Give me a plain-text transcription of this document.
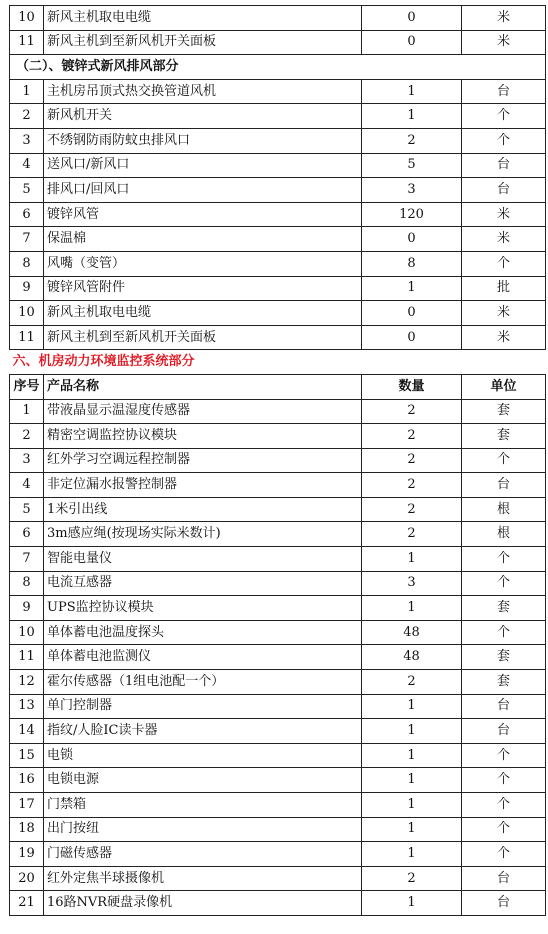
10	新风主机取电电缆	0	米
11	新风主机到至新风机开关面板	0	米
（二）、镀锌式新风排风部分			
1	主机房吊顶式热交换管道风机	1	台
2	新风机开关	1	个
3	不绣钢防雨防蚊虫排风口	2	个
4	送风口/新风口	5	台
5	排风口/回风口	3	台
6	镀锌风管	120	米
7	保温棉	0	米
8	风嘴（变管）	8	个
9	镀锌风管附件	1	批
10	新风主机取电电缆	0	米
11	新风主机到至新风机开关面板	0	米
六、机房动力环境监控系统部分			
序号	产品名称	数量	单位
1	带液晶显示温湿度传感器	2	套
2	精密空调监控协议模块	2	套
3	红外学习空调远程控制器	2	个
4	非定位漏水报警控制器	2	台
5	1米引出线	2	根
6	3m感应绳(按现场实际米数计)	2	根
7	智能电量仪	1	个
8	电流互感器	3	个
9	UPS监控协议模块	1	套
10	单体蓄电池温度探头	48	个
11	单体蓄电池监测仪	48	套
12	霍尔传感器（1组电池配一个）	2	套
13	单门控制器	1	台
14	指纹/人脸IC读卡器	1	台
15	电锁	1	个
16	电锁电源	1	个
17	门禁箱	1	个
18	出门按纽	1	个
19	门磁传感器	1	个
20	红外定焦半球摄像机	2	台
21	16路NVR硬盘录像机	1	台
